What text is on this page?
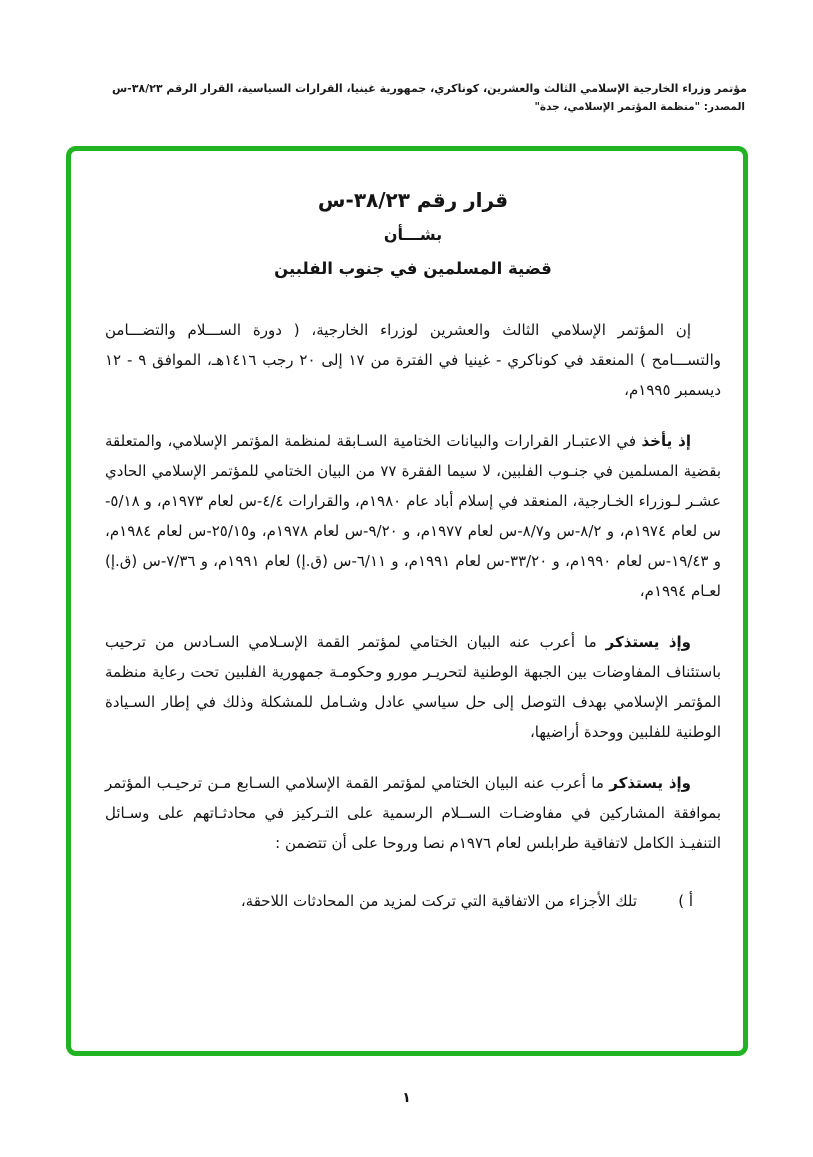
مؤتمر وزراء الخارجية الإسلامي الثالث والعشرين، كوناكري، جمهورية غينيا، القرارات السياسية، القرار الرقم ٣٨/٢٣-س
المصدر: "منظمة المؤتمر الإسلامي، جدة"
قرار رقم ٣٨/٢٣-س
بشـــأن
قضية المسلمين في جنوب الفلبين

إن المؤتمر الإسلامي الثالث والعشرين لوزراء الخارجية، ( دورة الســـلام والتضـــامن والتســـامح ) المنعقد في كوناكري - غينيا في الفترة من ١٧ إلى ٢٠ رجب ١٤١٦هـ، الموافق ٩ - ١٢ ديسمبر ١٩٩٥م،

إذ يأخذ في الاعتبـار القرارات والبيانات الختامية السـابقة لمنظمة المؤتمر الإسلامي، والمتعلقة بقضية المسلمين في جنـوب الفلبين، لا سيما الفقرة ٧٧ من البيان الختامي للمؤتمر الإسلامي الحادي عشـر لـوزراء الخـارجية، المنعقد في إسلام أباد عام ١٩٨٠م، والقرارات ٤/٤-س لعام ١٩٧٣م، و ٥/١٨-س لعام ١٩٧٤م، و ٨/٢-س و٨/٧-س لعام ١٩٧٧م، و ٩/٢٠-س لعام ١٩٧٨م، و٢٥/١٥-س لعام ١٩٨٤م، و ١٩/٤٣-س لعام ١٩٩٠م، و ٣٣/٢٠-س لعام ١٩٩١م، و ٦/١١-س (ق.إ) لعام ١٩٩١م، و ٧/٣٦-س (ق.إ) لعـام ١٩٩٤م،

وإذ يستذكر ما أعرب عنه البيان الختامي لمؤتمر القمة الإسـلامي السـادس من ترحيب باستئناف المفاوضات بين الجبهة الوطنية لتحريـر مورو وحكومـة جمهورية الفلبين تحت رعاية منظمة المؤتمر الإسلامي بهدف التوصل إلى حل سياسي عادل وشـامل للمشكلة وذلك في إطار السـيادة الوطنية للفلبين ووحدة أراضيها،

وإذ يستذكر ما أعرب عنه البيان الختامي لمؤتمر القمة الإسلامي السـابع مـن ترحيـب المؤتمر بموافقة المشاركين في مفاوضـات الســلام الرسمية على التـركيز في محادثـاتهم على وسـائل التنفيـذ الكامل لاتفاقية طرابلس لعام ١٩٧٦م نصا وروحا على أن تتضمن :

أ )
تلك الأجزاء من الاتفاقية التي تركت لمزيد من المحادثات اللاحقة،
١
